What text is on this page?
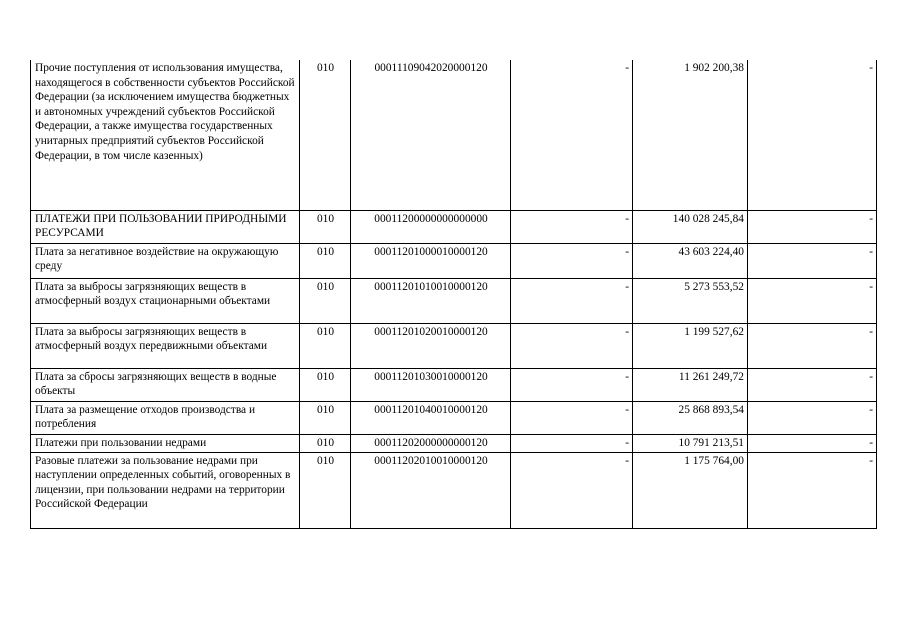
Прочие поступления от использования имущества, находящегося в собственности субъектов Российской Федерации (за исключением имущества бюджетных и автономных учреждений субъектов Российской Федерации, а также имущества государственных унитарных предприятий субъектов Российской Федерации, в том числе казенных)	010	00011109042020000120	-	1 902 200,38	-
ПЛАТЕЖИ ПРИ ПОЛЬЗОВАНИИ ПРИРОДНЫМИ РЕСУРСАМИ	010	00011200000000000000	-	140 028 245,84	-
Плата за негативное воздействие на окружающую среду	010	00011201000010000120	-	43 603 224,40	-
Плата за выбросы загрязняющих веществ в атмосферный воздух стационарными объектами	010	00011201010010000120	-	5 273 553,52	-
Плата за выбросы загрязняющих веществ в атмосферный воздух передвижными объектами	010	00011201020010000120	-	1 199 527,62	-
Плата за сбросы загрязняющих веществ в водные объекты	010	00011201030010000120	-	11 261 249,72	-
Плата за размещение отходов производства и потребления	010	00011201040010000120	-	25 868 893,54	-
Платежи при пользовании недрами	010	00011202000000000120	-	10 791 213,51	-
Разовые платежи за пользование недрами при наступлении определенных событий, оговоренных в лицензии, при пользовании недрами на территории Российской Федерации	010	00011202010010000120	-	1 175 764,00	-
